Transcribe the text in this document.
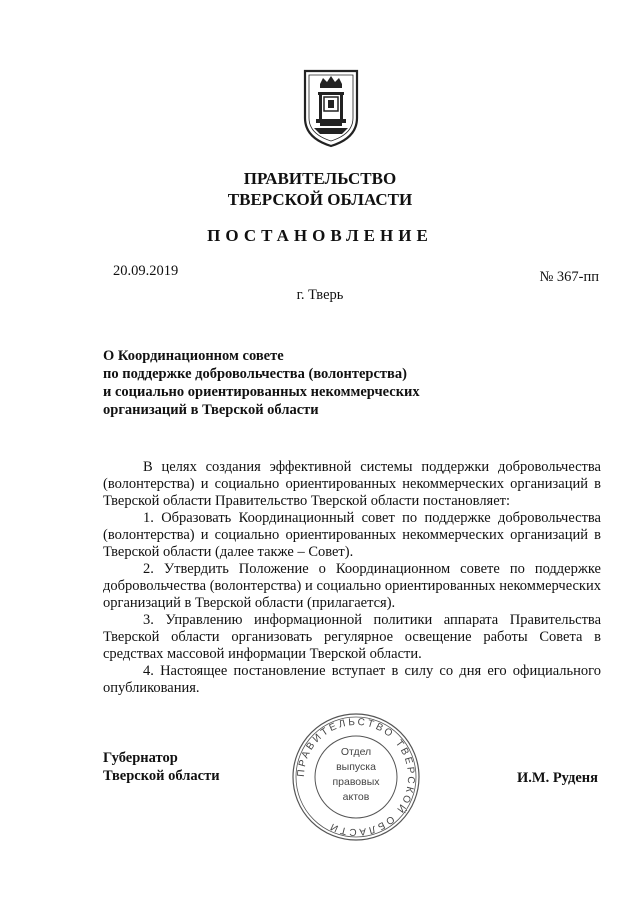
ПРАВИТЕЛЬСТВО
ТВЕРСКОЙ ОБЛАСТИ
ПОСТАНОВЛЕНИЕ
20.09.2019	№ 367-пп
г. Тверь
О Координационном совете
по поддержке добровольчества (волонтерства)
и социально ориентированных некоммерческих
организаций в Тверской области

В целях создания эффективной системы поддержки добровольчества (волонтерства) и социально ориентированных некоммерческих организаций в Тверской области Правительство Тверской области постановляет:

1. Образовать Координационный совет по поддержке добровольчества (волонтерства) и социально ориентированных некоммерческих организаций в Тверской области (далее также – Совет).

2. Утвердить Положение о Координационном совете по поддержке добровольчества (волонтерства) и социально ориентированных некоммерческих организаций в Тверской области (прилагается).

3. Управлению информационной политики аппарата Правительства Тверской области организовать регулярное освещение работы Совета в средствах массовой информации Тверской области.

4. Настоящее постановление вступает в силу со дня его официального опубликования.

Губернатор
Тверской области	И.М. Руденя
ПРАВИТЕЛЬСТВО ТВЕРСКОЙ ОБЛАСТИ
Отдел
выпуска
правовых
актов
